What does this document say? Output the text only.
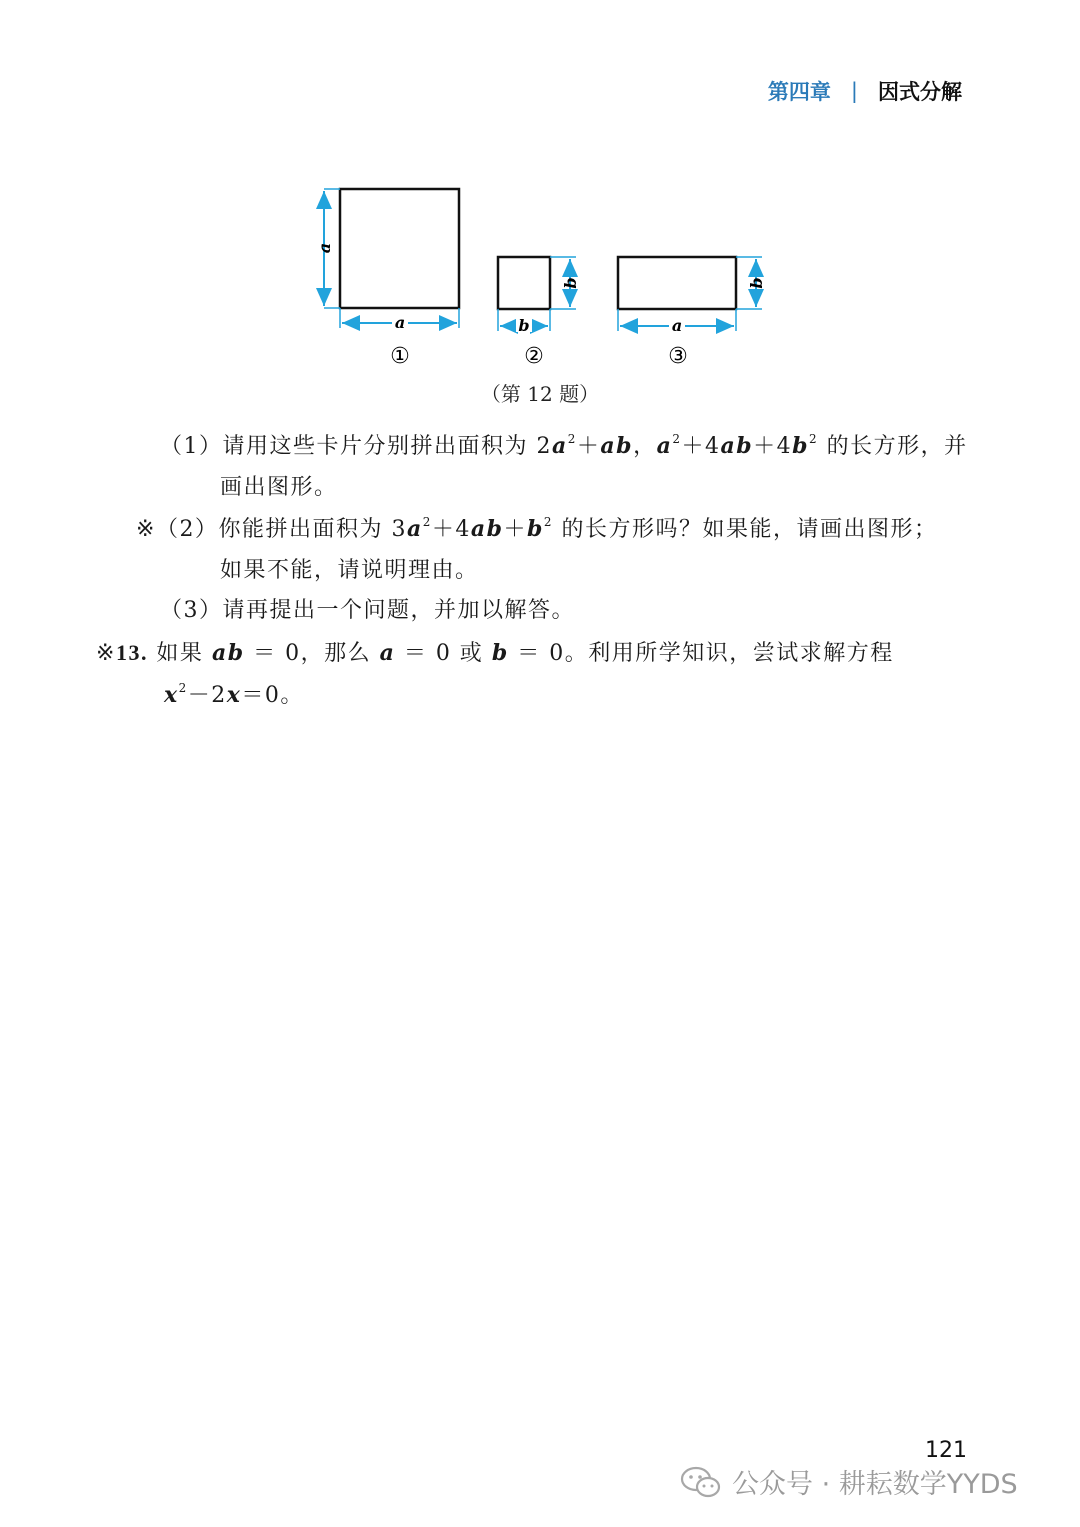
第四章 | 因式分解
a
a
①
b
b
②
b
a
③
（第 12 题）
（1）请用这些卡片分别拼出面积为 $2a^2+ab$，$a^2+4ab+4b^2$ 的长方形，并
画出图形。
※（2）你能拼出面积为 $3a^2+4ab+b^2$ 的长方形吗？如果能，请画出图形；
如果不能，请说明理由。
（3）请再提出一个问题，并加以解答。
※13. 如果 ab ＝ 0，那么 a ＝ 0 或 b ＝ 0。利用所学知识，尝试求解方程
$x^2-2x=0$。
121
公众号 · 耕耘数学YYDS
